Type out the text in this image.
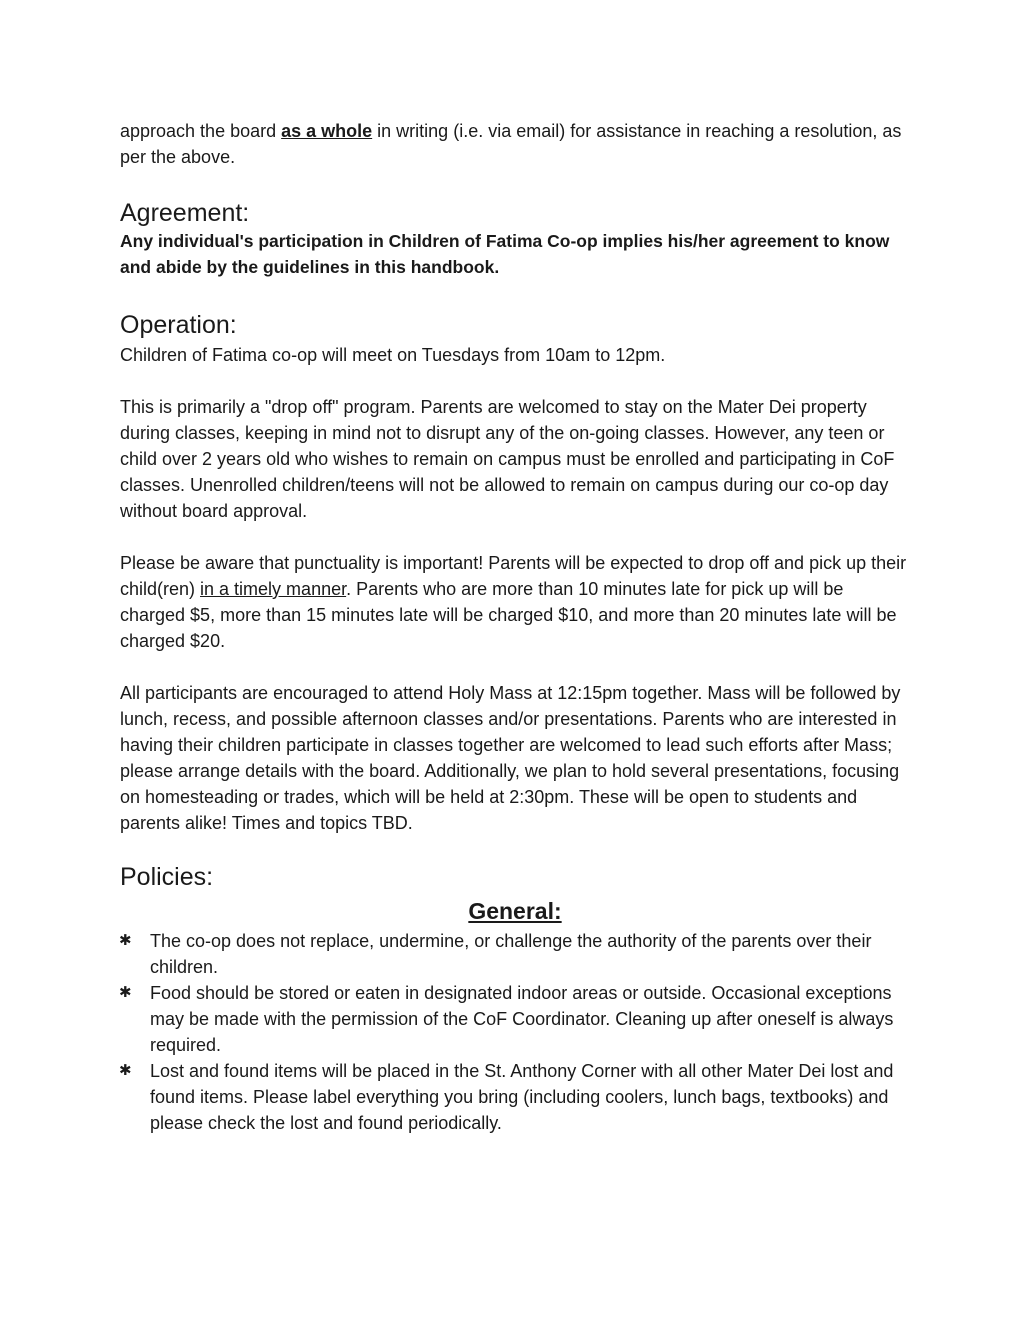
approach the board as a whole in writing (i.e. via email) for assistance in reaching a resolution, as per the above.

Agreement:

Any individual's participation in Children of Fatima Co-op implies his/her agreement to know and abide by the guidelines in this handbook.

Operation:

Children of Fatima co-op will meet on Tuesdays from 10am to 12pm.

This is primarily a "drop off" program. Parents are welcomed to stay on the Mater Dei property during classes, keeping in mind not to disrupt any of the on-going classes. However, any teen or child over 2 years old who wishes to remain on campus must be enrolled and participating in CoF classes. Unenrolled children/teens will not be allowed to remain on campus during our co-op day without board approval.

Please be aware that punctuality is important! Parents will be expected to drop off and pick up their child(ren) in a timely manner. Parents who are more than 10 minutes late for pick up will be charged $5, more than 15 minutes late will be charged $10, and more than 20 minutes late will be charged $20.

All participants are encouraged to attend Holy Mass at 12:15pm together. Mass will be followed by lunch, recess, and possible afternoon classes and/or presentations. Parents who are interested in having their children participate in classes together are welcomed to lead such efforts after Mass; please arrange details with the board. Additionally, we plan to hold several presentations, focusing on homesteading or trades, which will be held at 2:30pm. These will be open to students and parents alike! Times and topics TBD.

Policies:
General:
✱ The co-op does not replace, undermine, or challenge the authority of the parents over their children.
✱ Food should be stored or eaten in designated indoor areas or outside. Occasional exceptions may be made with the permission of the CoF Coordinator. Cleaning up after oneself is always required.
✱ Lost and found items will be placed in the St. Anthony Corner with all other Mater Dei lost and found items. Please label everything you bring (including coolers, lunch bags, textbooks) and please check the lost and found periodically.
